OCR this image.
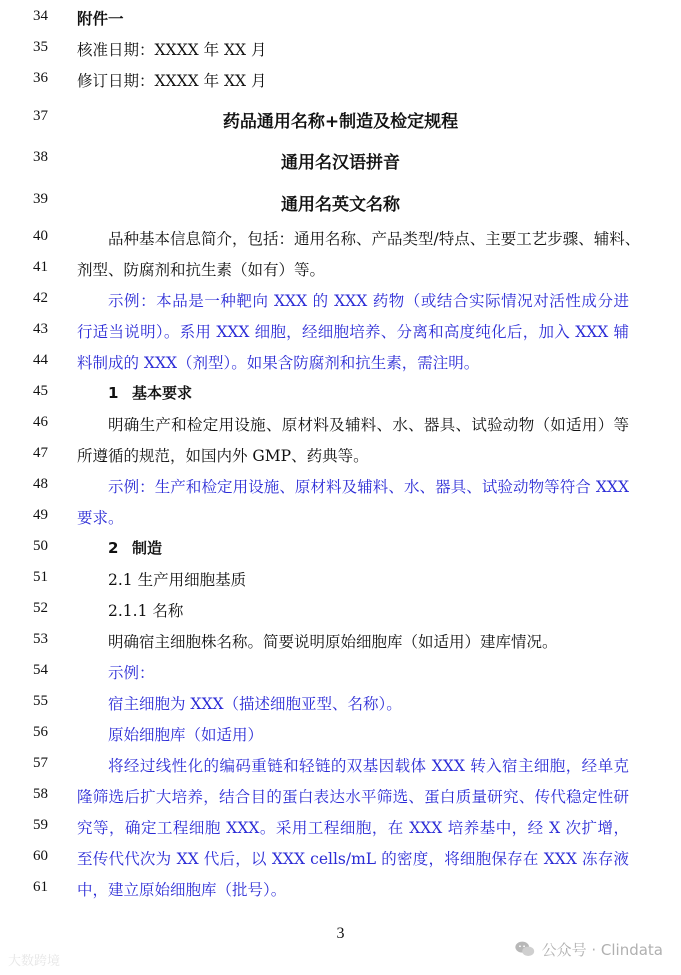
34	附件一
35	核准日期：XXXX 年 XX 月
36	修订日期：XXXX 年 XX 月
37	药品通用名称+制造及检定规程
38	通用名汉语拼音
39	通用名英文名称
40	品种基本信息简介，包括：通用名称、产品类型/特点、主要工艺步骤、辅料、
41	剂型、防腐剂和抗生素（如有）等。
42	示例：本品是一种靶向 XXX 的 XXX 药物（或结合实际情况对活性成分进
43	行适当说明）。系用 XXX 细胞，经细胞培养、分离和高度纯化后，加入 XXX 辅
44	料制成的 XXX（剂型）。如果含防腐剂和抗生素，需注明。
45	1 基本要求
46	明确生产和检定用设施、原材料及辅料、水、器具、试验动物（如适用）等
47	所遵循的规范，如国内外 GMP、药典等。
48	示例：生产和检定用设施、原材料及辅料、水、器具、试验动物等符合 XXX
49	要求。
50	2 制造
51	2.1 生产用细胞基质
52	2.1.1 名称
53	明确宿主细胞株名称。简要说明原始细胞库（如适用）建库情况。
54	示例：
55	宿主细胞为 XXX（描述细胞亚型、名称）。
56	原始细胞库（如适用）
57	将经过线性化的编码重链和轻链的双基因载体 XXX 转入宿主细胞，经单克
58	隆筛选后扩大培养，结合目的蛋白表达水平筛选、蛋白质量研究、传代稳定性研
59	究等，确定工程细胞 XXX。采用工程细胞，在 XXX 培养基中，经 X 次扩增，
60	至传代代次为 XX 代后，以 XXX cells/mL 的密度，将细胞保存在 XXX 冻存液
61	中，建立原始细胞库（批号）。
3
大数跨境
公众号 · Clindata
